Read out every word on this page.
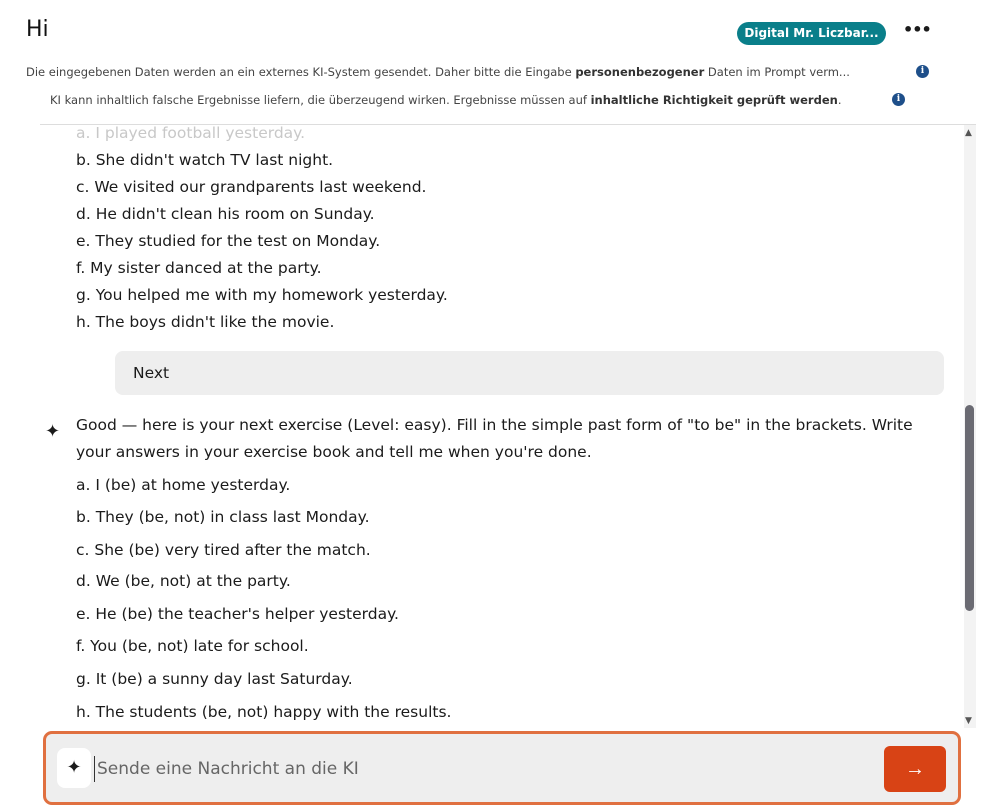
Hi	Digital Mr. Liczbar...	•••
Die eingegebenen Daten werden an ein externes KI-System gesendet. Daher bitte die Eingabe personenbezogener Daten im Prompt verm...	i
KI kann inhaltlich falsche Ergebnisse liefern, die überzeugend wirken. Ergebnisse müssen auf inhaltliche Richtigkeit geprüft werden.	i
a. I played football yesterday.
b. She didn't watch TV last night.
c. We visited our grandparents last weekend.
d. He didn't clean his room on Sunday.
e. They studied for the test on Monday.
f. My sister danced at the party.
g. You helped me with my homework yesterday.
h. The boys didn't like the movie.
Next
✦ Good — here is your next exercise (Level: easy). Fill in the simple past form of "to be" in the brackets. Write
your answers in your exercise book and tell me when you're done.
a. I (be) at home yesterday.
b. They (be, not) in class last Monday.
c. She (be) very tired after the match.
d. We (be, not) at the party.
e. He (be) the teacher's helper yesterday.
f. You (be, not) late for school.
g. It (be) a sunny day last Saturday.
h. The students (be, not) happy with the results.
▲
▼
✦
Sende eine Nachricht an die KI	→
